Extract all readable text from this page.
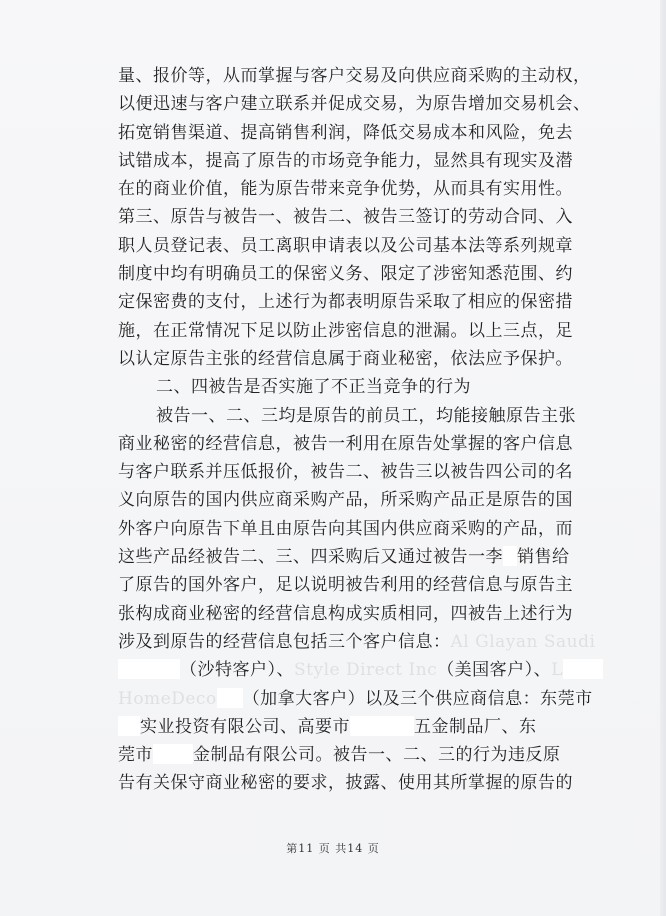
量、报价等，从而掌握与客户交易及向供应商采购的主动权，
以便迅速与客户建立联系并促成交易，为原告增加交易机会、
拓宽销售渠道、提高销售利润，降低交易成本和风险，免去
试错成本，提高了原告的市场竞争能力，显然具有现实及潜
在的商业价值，能为原告带来竞争优势，从而具有实用性。
第三、原告与被告一、被告二、被告三签订的劳动合同、入
职人员登记表、员工离职申请表以及公司基本法等系列规章
制度中均有明确员工的保密义务、限定了涉密知悉范围、约
定保密费的支付，上述行为都表明原告采取了相应的保密措
施，在正常情况下足以防止涉密信息的泄漏。以上三点，足
以认定原告主张的经营信息属于商业秘密，依法应予保护。
二、四被告是否实施了不正当竞争的行为
被告一、二、三均是原告的前员工，均能接触原告主张
商业秘密的经营信息，被告一利用在原告处掌握的客户信息
与客户联系并压低报价，被告二、被告三以被告四公司的名
义向原告的国内供应商采购产品，所采购产品正是原告的国
外客户向原告下单且由原告向其国内供应商采购的产品，而
这些产品经被告二、三、四采购后又通过被告一李 销售给
了原告的国外客户，足以说明被告利用的经营信息与原告主
张构成商业秘密的经营信息构成实质相同，四被告上述行为
涉及到原告的经营信息包括三个客户信息：Al Glayan Saudi
（沙特客户）、Style Direct Inc（美国客户）、L
HomeDeco （加拿大客户）以及三个供应商信息：东莞市
实业投资有限公司、高要市	五金制品厂、东
莞市 金制品有限公司。被告一、二、三的行为违反原
告有关保守商业秘密的要求，披露、使用其所掌握的原告的
第11 页 共14 页
